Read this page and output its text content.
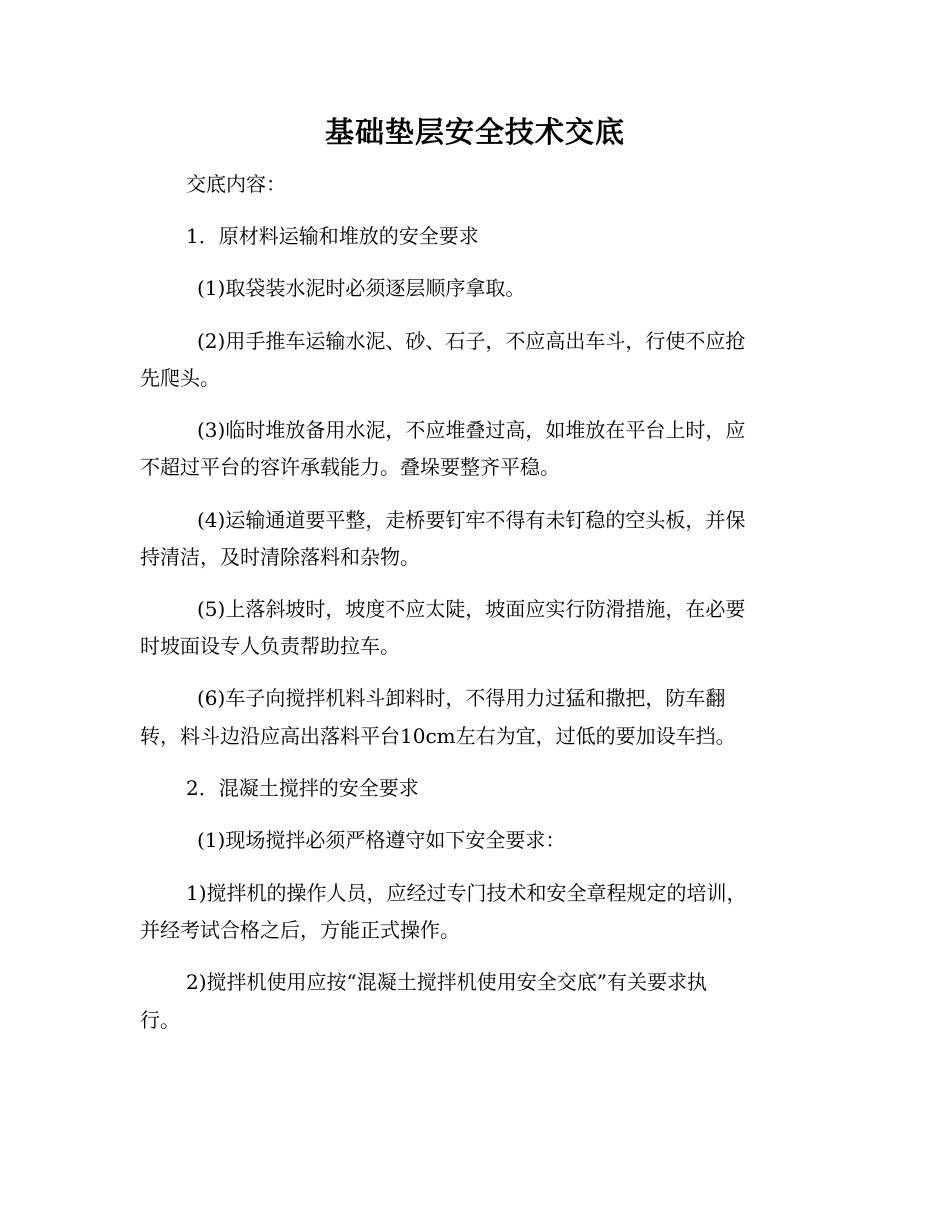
基础垫层安全技术交底
交底内容：
1．原材料运输和堆放的安全要求
(1)取袋装水泥时必须逐层顺序拿取。
(2)用手推车运输水泥、砂、石子，不应高出车斗，行使不应抢
先爬头。
(3)临时堆放备用水泥，不应堆叠过高，如堆放在平台上时，应
不超过平台的容许承载能力。叠垛要整齐平稳。
(4)运输通道要平整，走桥要钉牢不得有未钉稳的空头板，并保
持清洁，及时清除落料和杂物。
(5)上落斜坡时，坡度不应太陡，坡面应实行防滑措施，在必要
时坡面设专人负责帮助拉车。
(6)车子向搅拌机料斗卸料时，不得用力过猛和撒把，防车翻
转，料斗边沿应高出落料平台10cm左右为宜，过低的要加设车挡。
2．混凝土搅拌的安全要求
(1)现场搅拌必须严格遵守如下安全要求：
1)搅拌机的操作人员，应经过专门技术和安全章程规定的培训，
并经考试合格之后，方能正式操作。
2)搅拌机使用应按“混凝土搅拌机使用安全交底”有关要求执
行。
